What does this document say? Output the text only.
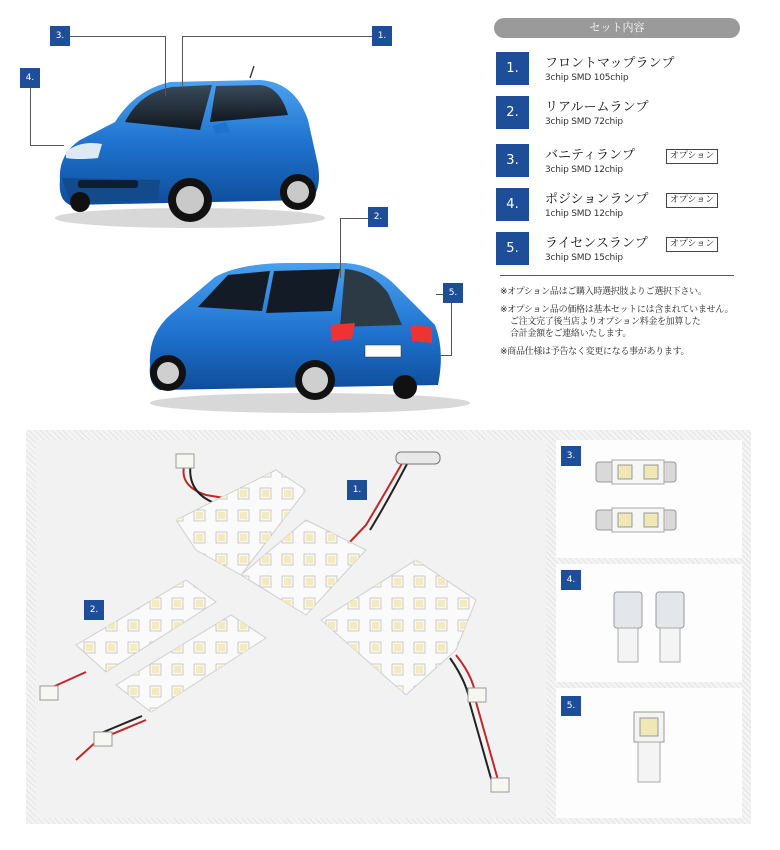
3.	1.
4.
2.
5.
セット内容
1.	フロントマップランプ
3chip SMD 105chip
2.	リアルームランプ
3chip SMD 72chip
3.	バニティランプ	オプション
3chip SMD 12chip
4.	ポジションランプ	オプション
1chip SMD 12chip
5.	ライセンスランプ	オプション
3chip SMD 15chip

※オプション品はご購入時選択肢よりご選択下さい。

※オプション品の価格は基本セットには含まれていません。
ご注文完了後当店よりオプション料金を加算した
合計金額をご連絡いたします。

※商品仕様は予告なく変更になる事があります。

1.
2.
3.
4.
5.
